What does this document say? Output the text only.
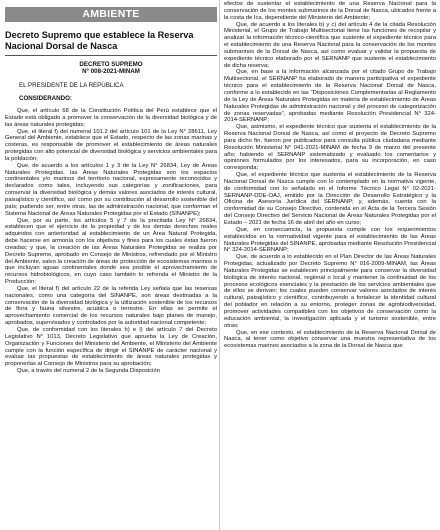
AMBIENTE
Decreto Supremo que establece la Reserva Nacional Dorsal de Nasca

DECRETO SUPREMO

N° 008-2021-MINAM

EL PRESIDENTE DE LA REPÚBLICA

CONSIDERANDO:

Que, el artículo 68 de la Constitución Política del Perú establece que el Estado está obligado a promover la conservación de la diversidad biológica y de las áreas naturales protegidas;

Que, el literal f) del numeral 101.2 del artículo 101 de la Ley N° 28611, Ley General del Ambiente, establece que el Estado, respecto de las zonas marinas y costeras, es responsable de promover el establecimiento de áreas naturales protegidas con alto potencial de diversidad biológica y servicios ambientales para la población;

Que, de acuerdo a los artículos 1 y 3 de la Ley N° 26834, Ley de Áreas Naturales Protegidas, las Áreas Naturales Protegidas son los espacios continentales y/o marinos del territorio nacional, expresamente reconocidos y declarados como tales, incluyendo sus categorías y zonificaciones, para conservar la diversidad biológica y demás valores asociados de interés cultural, paisajístico y científico, así como por su contribución al desarrollo sostenible del país; pudiendo ser, entre otras, las de administración nacional, que conforman el Sistema Nacional de Áreas Naturales Protegidas por el Estado (SINANPE);

Que, por su parte, los artículos 5 y 7 de la precitada Ley N° 26834, establecen que el ejercicio de la propiedad y de los demás derechos reales adquiridos con anterioridad al establecimiento de un Área Natural Protegida, debe hacerse en armonía con los objetivos y fines para los cuales éstas fueron creadas; y que, la creación de las Áreas Naturales Protegidas se realiza por Decreto Supremo, aprobado en Consejo de Ministros, refrendado por el Ministro del Ambiente, salvo la creación de áreas de protección de ecosistemas marinos o que incluyan aguas continentales donde sea posible el aprovechamiento de recursos hidrobiológicos, en cuyo caso también lo refrenda el Ministro de la Producción;

Que, el literal f) del artículo 22 de la referida Ley señala que las reservas nacionales, como una categoría del SINANPE, son áreas destinadas a la conservación de la diversidad biológica y la utilización sostenible de los recursos de flora y fauna silvestre, acuática o terrestre. En ellas se permite el aprovechamiento comercial de los recursos naturales bajo planes de manejo, aprobados, supervisados y controlados por la autoridad nacional competente;

Que, de conformidad con los literales h) e l) del artículo 7 del Decreto Legislativo N° 1013, Decreto Legislativo que aprueba la Ley de Creación, Organización y Funciones del Ministerio del Ambiente, el Ministerio del Ambiente cumple con la función específica de dirigir el SINANPE de carácter nacional y evaluar las propuestas de establecimiento de áreas naturales protegidas y proponerlas al Consejo de Ministros para su aprobación;

Que, a través del numeral 2 de la Segunda Disposición

efectos de sustentar el establecimiento de una Reserva Nacional para la conservación de los montes submarinos de la Dorsal de Nasca, ubicados frente a la costa de Ica, dependiente del Ministerio del Ambiente;

Que, de acuerdo a los literales b) y c) del artículo 4 de la citada Resolución Ministerial, el Grupo de Trabajo Multisectorial tiene las funciones de recopilar y analizar la información técnico-científica que sustente el expediente técnico para el establecimiento de una Reserva Nacional para la conservación de los montes submarinos de la Dorsal de Nasca, así como evaluar y validar la propuesta de expediente técnico elaborado por el SERNANP que sustente el establecimiento de dicha reserva;

Que, en base a la información alcanzada por el citado Grupo de Trabajo Multisectorial, el SERNANP ha elaborado de manera participativa el expediente técnico para el establecimiento de la Reserva Nacional Dorsal de Nasca, conforme a lo establecido en las “Disposiciones Complementarias al Reglamento de la Ley de Áreas Naturales Protegidas en materia de establecimiento de Áreas Naturales Protegidas de administración nacional y del proceso de categorización de zonas reservadas”, aprobadas mediante Resolución Presidencial N° 324-2014-SERNANP;

Que, asimismo, el expediente técnico que sustenta el establecimiento de la Reserva Nacional Dorsal de Nasca, así como el proyecto de Decreto Supremo para dicho fin, fueron pre publicados para consulta pública ciudadana mediante Resolución Ministerial N° 041-2021-MINAM de fecha 9 de marzo del presente año; habiendo el SERNANP sistematizado y evaluado los comentarios y opiniones formulados por los interesados, para su incorporación, en caso corresponda;

Que, el expediente técnico que sustenta el establecimiento de la Reserva Nacional Dorsal de Nasca cumple con lo contemplado en la normativa vigente, de conformidad con lo señalado en el Informe Técnico Legal N° 02-2021-SERNANP-DDE-OAJ, emitido por la Dirección de Desarrollo Estratégico y la Oficina de Asesoría Jurídica del SERNANP; y, además, cuenta con la conformidad de su Consejo Directivo, contenida en el Acta de la Tercera Sesión del Consejo Directivo del Servicio Nacional de Áreas Naturales Protegidas por el Estado – 2021 de fecha 16 de abril del año en curso;

Que, en consecuencia, la propuesta cumple con los requerimientos establecidos en la normatividad vigente para el establecimiento de las Áreas Naturales Protegidas del SINANPE, aprobadas mediante Resolución Presidencial N° 324-2014-SERNANP;

Que, de acuerdo a lo establecido en el Plan Director de las Áreas Naturales Protegidas, actualizado por Decreto Supremo N° 016-2009-MINAM, las Áreas Naturales Protegidas se establecen principalmente para conservar la diversidad biológica de interés nacional, regional o local y mantener la continuidad de los procesos ecológicos esenciales y la prestación de los servicios ambientales que de ellos se derivan; los cuales pueden conservar valores asociados de interés cultural, paisajístico y científico, contribuyendo a fortalecer la identidad cultural del poblador en relación a su entorno, proteger zonas de agrobiodiversidad, promover actividades compatibles con los objetivos de conservación como la educación ambiental, la investigación aplicada y el turismo sostenible, entre otras;

Que, en ese contexto, el establecimiento de la Reserva Nacional Dorsal de Nasca, al tener como objetivo conservar una muestra representativa de los ecosistemas marinos asociados a la zona de la Dorsal de Nasca que
